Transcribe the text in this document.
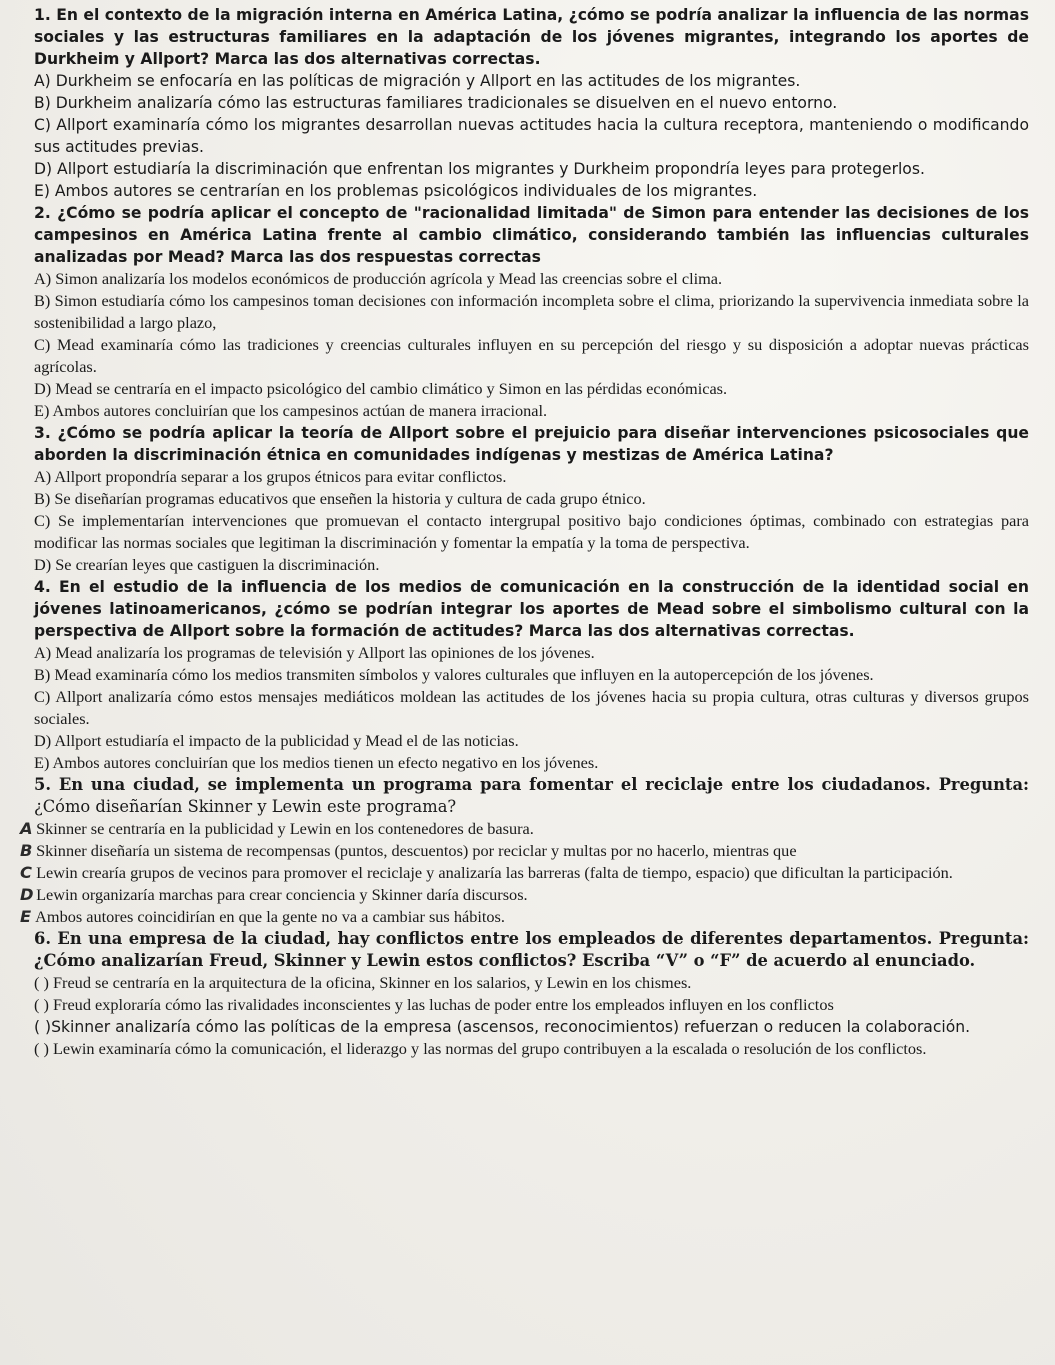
1. En el contexto de la migración interna en América Latina, ¿cómo se podría analizar la influencia de las normas sociales y las estructuras familiares en la adaptación de los jóvenes migrantes, integrando los aportes de Durkheim y Allport? Marca las dos alternativas correctas.

A) Durkheim se enfocaría en las políticas de migración y Allport en las actitudes de los migrantes.

B) Durkheim analizaría cómo las estructuras familiares tradicionales se disuelven en el nuevo entorno.

C) Allport examinaría cómo los migrantes desarrollan nuevas actitudes hacia la cultura receptora, manteniendo o modificando sus actitudes previas.

D) Allport estudiaría la discriminación que enfrentan los migrantes y Durkheim propondría leyes para protegerlos.

E) Ambos autores se centrarían en los problemas psicológicos individuales de los migrantes.

2. ¿Cómo se podría aplicar el concepto de "racionalidad limitada" de Simon para entender las decisiones de los campesinos en América Latina frente al cambio climático, considerando también las influencias culturales analizadas por Mead? Marca las dos respuestas correctas

A) Simon analizaría los modelos económicos de producción agrícola y Mead las creencias sobre el clima.

B) Simon estudiaría cómo los campesinos toman decisiones con información incompleta sobre el clima, priorizando la supervivencia inmediata sobre la sostenibilidad a largo plazo,

C) Mead examinaría cómo las tradiciones y creencias culturales influyen en su percepción del riesgo y su disposición a adoptar nuevas prácticas agrícolas.

D) Mead se centraría en el impacto psicológico del cambio climático y Simon en las pérdidas económicas.

E) Ambos autores concluirían que los campesinos actúan de manera irracional.

3. ¿Cómo se podría aplicar la teoría de Allport sobre el prejuicio para diseñar intervenciones psicosociales que aborden la discriminación étnica en comunidades indígenas y mestizas de América Latina?

A) Allport propondría separar a los grupos étnicos para evitar conflictos.

B) Se diseñarían programas educativos que enseñen la historia y cultura de cada grupo étnico.

C) Se implementarían intervenciones que promuevan el contacto intergrupal positivo bajo condiciones óptimas, combinado con estrategias para modificar las normas sociales que legitiman la discriminación y fomentar la empatía y la toma de perspectiva.

D) Se crearían leyes que castiguen la discriminación.

4. En el estudio de la influencia de los medios de comunicación en la construcción de la identidad social en jóvenes latinoamericanos, ¿cómo se podrían integrar los aportes de Mead sobre el simbolismo cultural con la perspectiva de Allport sobre la formación de actitudes? Marca las dos alternativas correctas.

A) Mead analizaría los programas de televisión y Allport las opiniones de los jóvenes.

B) Mead examinaría cómo los medios transmiten símbolos y valores culturales que influyen en la autopercepción de los jóvenes.

C) Allport analizaría cómo estos mensajes mediáticos moldean las actitudes de los jóvenes hacia su propia cultura, otras culturas y diversos grupos sociales.

D) Allport estudiaría el impacto de la publicidad y Mead el de las noticias.

E) Ambos autores concluirían que los medios tienen un efecto negativo en los jóvenes.

5. En una ciudad, se implementa un programa para fomentar el reciclaje entre los ciudadanos. Pregunta: ¿Cómo diseñarían Skinner y Lewin este programa?

A Skinner se centraría en la publicidad y Lewin en los contenedores de basura.

B Skinner diseñaría un sistema de recompensas (puntos, descuentos) por reciclar y multas por no hacerlo, mientras que

C Lewin crearía grupos de vecinos para promover el reciclaje y analizaría las barreras (falta de tiempo, espacio) que dificultan la participación.

D Lewin organizaría marchas para crear conciencia y Skinner daría discursos.

E Ambos autores coincidirían en que la gente no va a cambiar sus hábitos.

6. En una empresa de la ciudad, hay conflictos entre los empleados de diferentes departamentos. Pregunta: ¿Cómo analizarían Freud, Skinner y Lewin estos conflictos? Escriba “V” o “F” de acuerdo al enunciado.

( ) Freud se centraría en la arquitectura de la oficina, Skinner en los salarios, y Lewin en los chismes.

( ) Freud exploraría cómo las rivalidades inconscientes y las luchas de poder entre los empleados influyen en los conflictos

( )Skinner analizaría cómo las políticas de la empresa (ascensos, reconocimientos) refuerzan o reducen la colaboración.

( ) Lewin examinaría cómo la comunicación, el liderazgo y las normas del grupo contribuyen a la escalada o resolución de los conflictos.
